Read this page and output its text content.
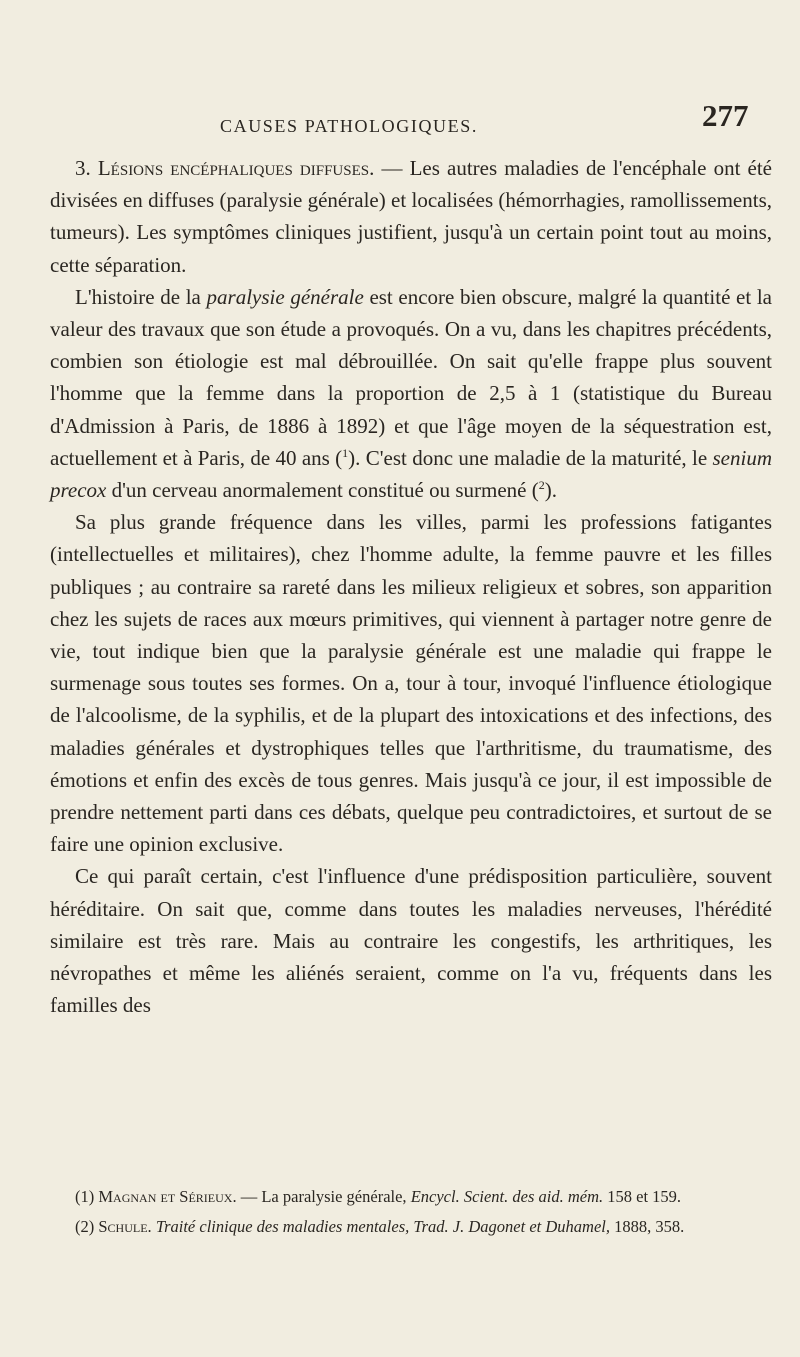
CAUSES PATHOLOGIQUES.	277

3. Lésions encéphaliques diffuses. — Les autres maladies de l'encéphale ont été divisées en diffuses (paralysie générale) et localisées (hémorrhagies, ramollissements, tumeurs). Les symptômes cliniques justifient, jusqu'à un certain point tout au moins, cette séparation.

L'histoire de la paralysie générale est encore bien obscure, malgré la quantité et la valeur des travaux que son étude a provoqués. On a vu, dans les chapitres précédents, combien son étiologie est mal débrouillée. On sait qu'elle frappe plus souvent l'homme que la femme dans la proportion de 2,5 à 1 (statistique du Bureau d'Admission à Paris, de 1886 à 1892) et que l'âge moyen de la séquestration est, actuellement et à Paris, de 40 ans ($^1$). C'est donc une maladie de la maturité, le senium precox d'un cerveau anormalement constitué ou surmené ($^2$).

Sa plus grande fréquence dans les villes, parmi les professions fatigantes (intellectuelles et militaires), chez l'homme adulte, la femme pauvre et les filles publiques ; au contraire sa rareté dans les milieux religieux et sobres, son apparition chez les sujets de races aux mœurs primitives, qui viennent à partager notre genre de vie, tout indique bien que la paralysie générale est une maladie qui frappe le surmenage sous toutes ses formes. On a, tour à tour, invoqué l'influence étiologique de l'alcoolisme, de la syphilis, et de la plupart des intoxications et des infections, des maladies générales et dystrophiques telles que l'arthritisme, du traumatisme, des émotions et enfin des excès de tous genres. Mais jusqu'à ce jour, il est impossible de prendre nettement parti dans ces débats, quelque peu contradictoires, et surtout de se faire une opinion exclusive.

Ce qui paraît certain, c'est l'influence d'une prédisposition particulière, souvent héréditaire. On sait que, comme dans toutes les maladies nerveuses, l'hérédité similaire est très rare. Mais au contraire les congestifs, les arthritiques, les névropathes et même les aliénés seraient, comme on l'a vu, fréquents dans les familles des

(1) Magnan et Sérieux. — La paralysie générale, Encycl. Scient. des aid. mém. 158 et 159.

(2) Schule. Traité clinique des maladies mentales, Trad. J. Dagonet et Duhamel, 1888, 358.
